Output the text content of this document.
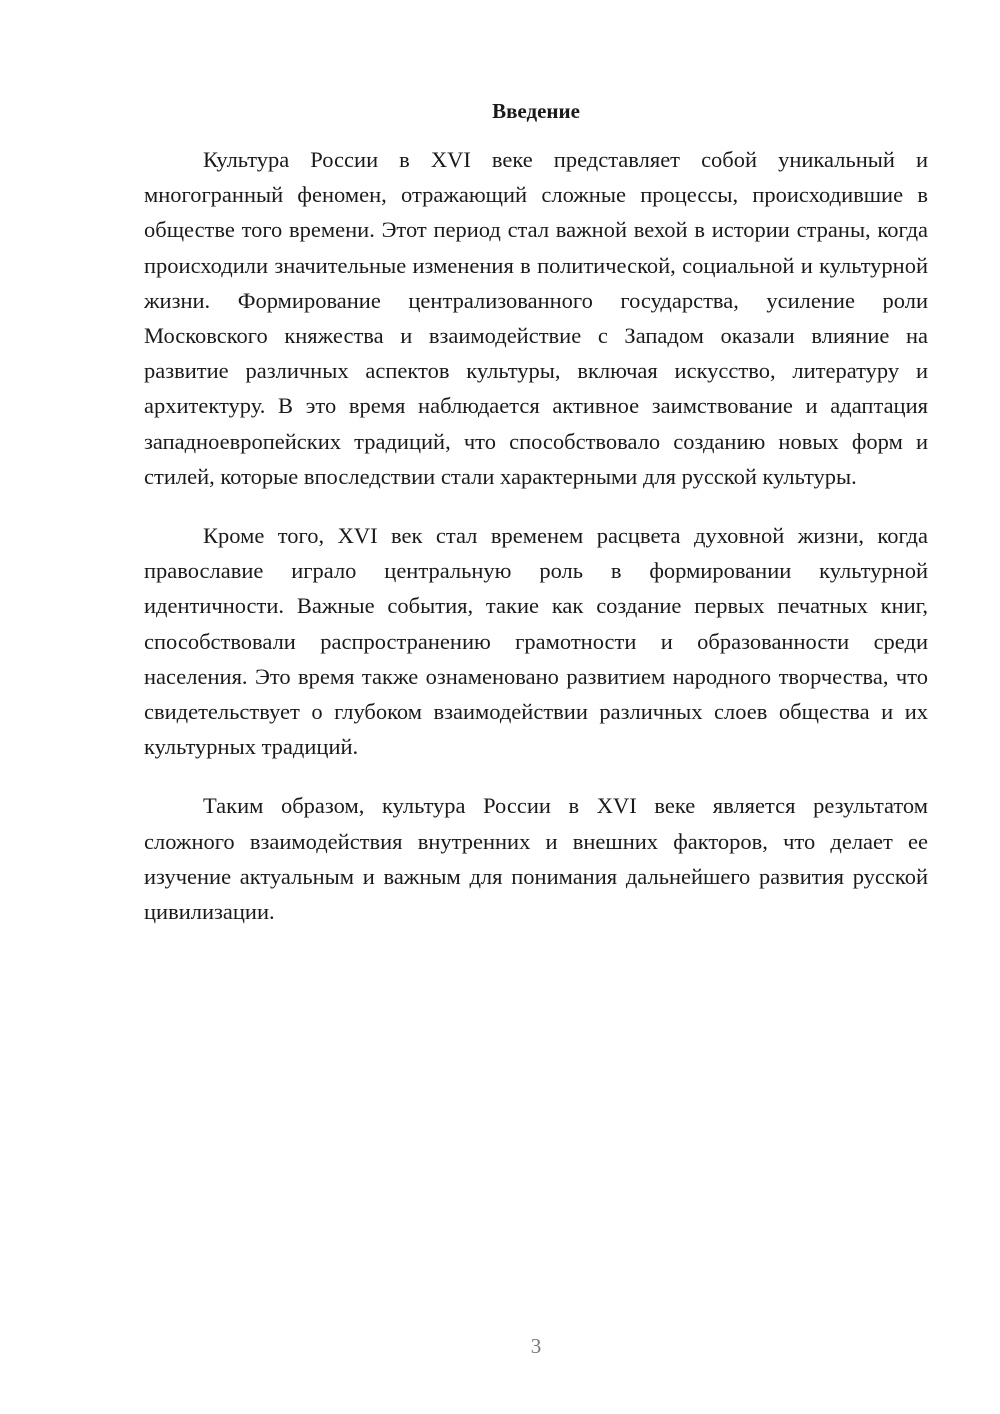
Введение

Культура России в XVI веке представляет собой уникальный и многогранный феномен, отражающий сложные процессы, происходившие в обществе того времени. Этот период стал важной вехой в истории страны, когда происходили значительные изменения в политической, социальной и культурной жизни. Формирование централизованного государства, усиление роли Московского княжества и взаимодействие с Западом оказали влияние на развитие различных аспектов культуры, включая искусство, литературу и архитектуру. В это время наблюдается активное заимствование и адаптация западноевропейских традиций, что способствовало созданию новых форм и стилей, которые впоследствии стали характерными для русской культуры.

Кроме того, XVI век стал временем расцвета духовной жизни, когда православие играло центральную роль в формировании культурной идентичности. Важные события, такие как создание первых печатных книг, способствовали распространению грамотности и образованности среди населения. Это время также ознаменовано развитием народного творчества, что свидетельствует о глубоком взаимодействии различных слоев общества и их культурных традиций.

Таким образом, культура России в XVI веке является результатом сложного взаимодействия внутренних и внешних факторов, что делает ее изучение актуальным и важным для понимания дальнейшего развития русской цивилизации.

3
